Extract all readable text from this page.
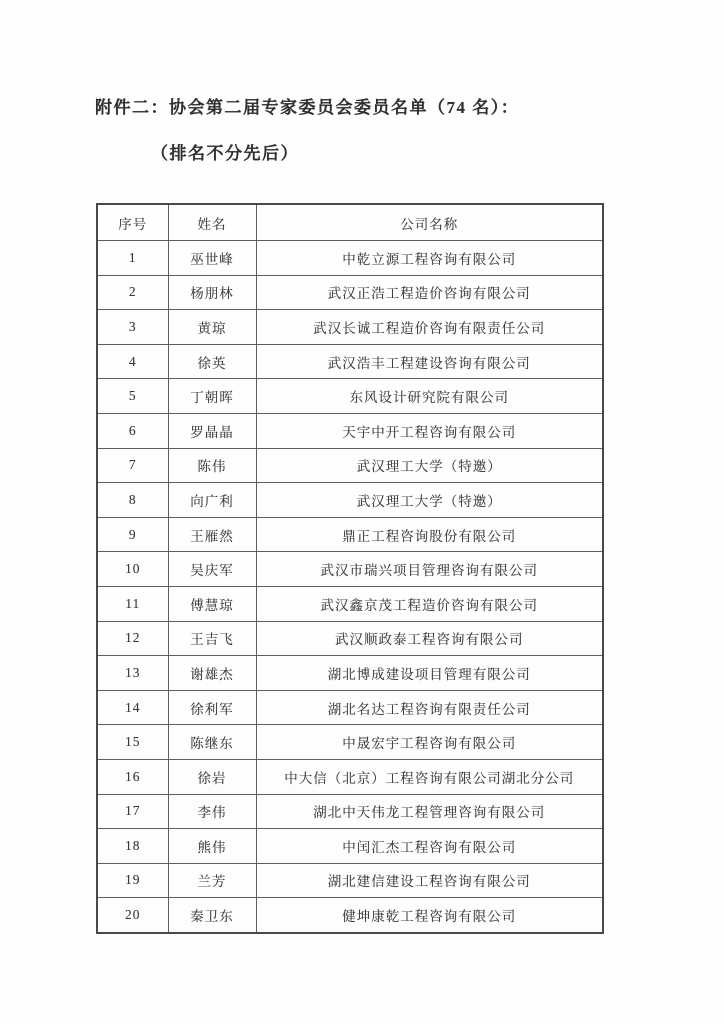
附件二：协会第二届专家委员会委员名单（74 名）：
（排名不分先后）
序号	姓名	公司名称
1	巫世峰	中乾立源工程咨询有限公司
2	杨朋林	武汉正浩工程造价咨询有限公司
3	黄琼	武汉长诚工程造价咨询有限责任公司
4	徐英	武汉浩丰工程建设咨询有限公司
5	丁朝晖	东风设计研究院有限公司
6	罗晶晶	天宇中开工程咨询有限公司
7	陈伟	武汉理工大学（特邀）
8	向广利	武汉理工大学（特邀）
9	王雁然	鼎正工程咨询股份有限公司
10	吴庆军	武汉市瑞兴项目管理咨询有限公司
11	傅慧琼	武汉鑫京茂工程造价咨询有限公司
12	王吉飞	武汉顺政泰工程咨询有限公司
13	谢雄杰	湖北博成建设项目管理有限公司
14	徐利军	湖北名达工程咨询有限责任公司
15	陈继东	中晟宏宇工程咨询有限公司
16	徐岩	中大信（北京）工程咨询有限公司湖北分公司
17	李伟	湖北中天伟龙工程管理咨询有限公司
18	熊伟	中闰汇杰工程咨询有限公司
19	兰芳	湖北建信建设工程咨询有限公司
20	秦卫东	健坤康乾工程咨询有限公司
